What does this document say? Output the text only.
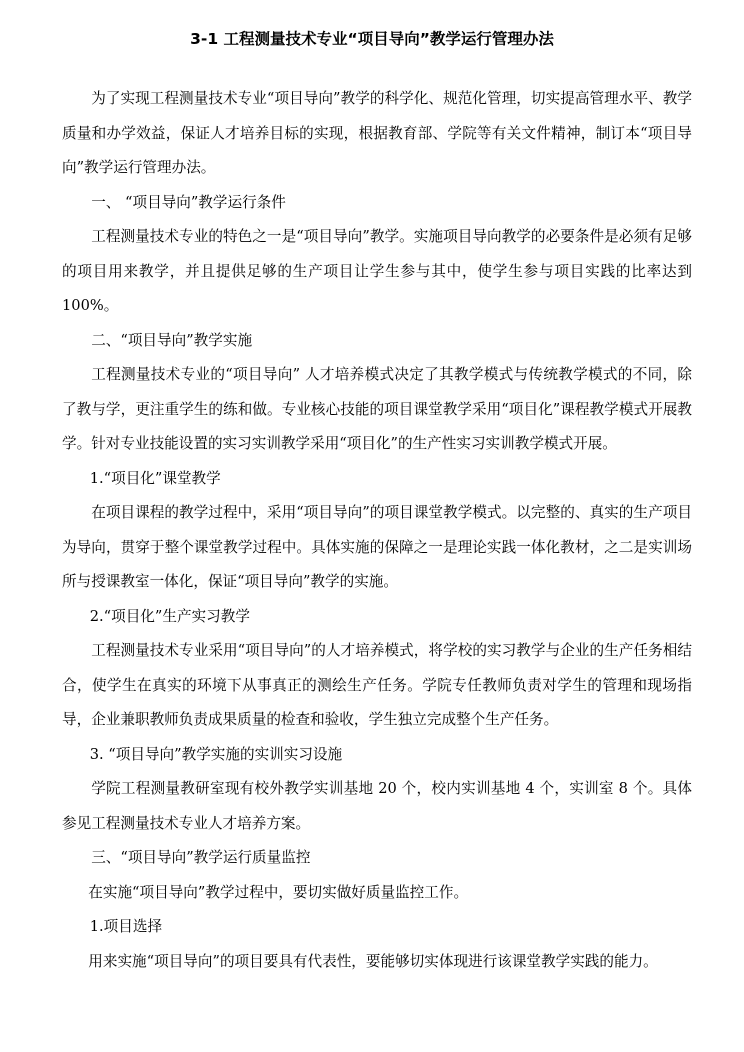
3-1 工程测量技术专业“项目导向”教学运行管理办法

为了实现工程测量技术专业“项目导向”教学的科学化、规范化管理，切实提高管理水平、教学质量和办学效益，保证人才培养目标的实现，根据教育部、学院等有关文件精神，制订本“项目导向”教学运行管理办法。

一、 “项目导向”教学运行条件

工程测量技术专业的特色之一是“项目导向”教学。实施项目导向教学的必要条件是必须有足够的项目用来教学，并且提供足够的生产项目让学生参与其中，使学生参与项目实践的比率达到 100%。

二、“项目导向”教学实施

工程测量技术专业的“项目导向” 人才培养模式决定了其教学模式与传统教学模式的不同，除了教与学，更注重学生的练和做。专业核心技能的项目课堂教学采用“项目化”课程教学模式开展教学。针对专业技能设置的实习实训教学采用“项目化”的生产性实习实训教学模式开展。

1.“项目化”课堂教学

在项目课程的教学过程中，采用“项目导向”的项目课堂教学模式。以完整的、真实的生产项目为导向，贯穿于整个课堂教学过程中。具体实施的保障之一是理论实践一体化教材，之二是实训场所与授课教室一体化，保证“项目导向”教学的实施。

2.“项目化”生产实习教学

工程测量技术专业采用“项目导向”的人才培养模式，将学校的实习教学与企业的生产任务相结合，使学生在真实的环境下从事真正的测绘生产任务。学院专任教师负责对学生的管理和现场指导，企业兼职教师负责成果质量的检查和验收，学生独立完成整个生产任务。

3. “项目导向”教学实施的实训实习设施

学院工程测量教研室现有校外教学实训基地 20 个，校内实训基地 4 个，实训室 8 个。具体参见工程测量技术专业人才培养方案。

三、“项目导向”教学运行质量监控

在实施“项目导向”教学过程中，要切实做好质量监控工作。

1.项目选择

用来实施“项目导向”的项目要具有代表性，要能够切实体现进行该课堂教学实践的能力。
